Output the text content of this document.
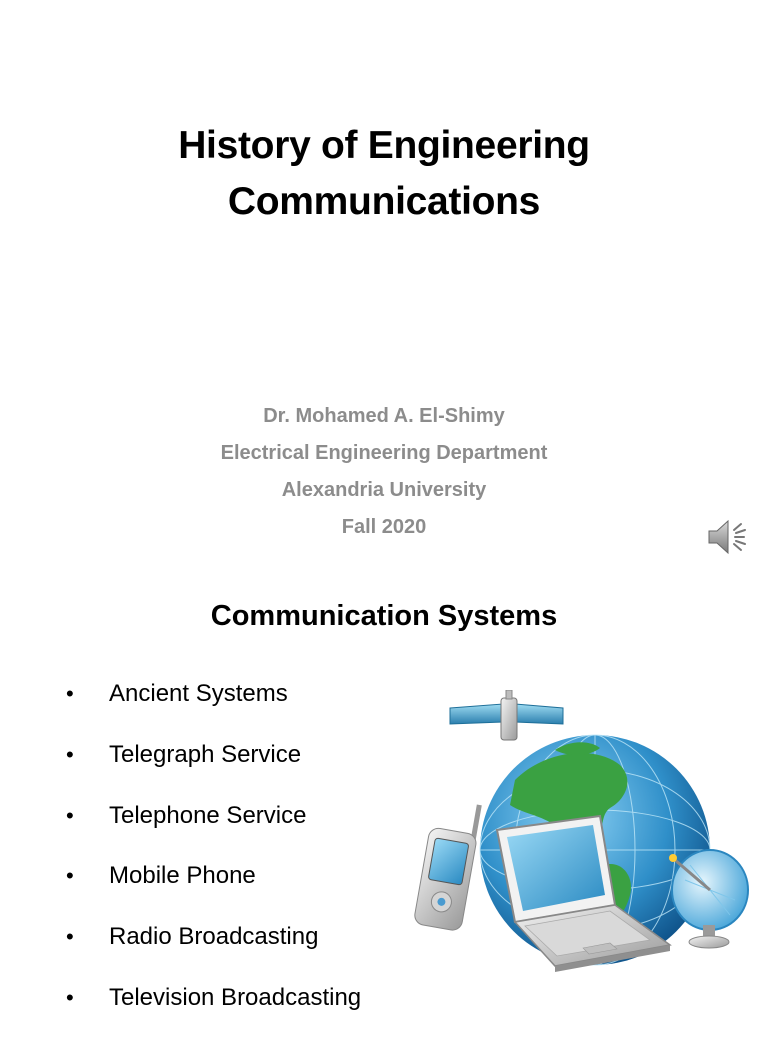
History of Engineering
Communications
Dr. Mohamed A. El-Shimy
Electrical Engineering Department
Alexandria University
Fall 2020
Communication Systems
• Ancient Systems
• Telegraph Service
• Telephone Service
• Mobile Phone
• Radio Broadcasting
• Television Broadcasting
